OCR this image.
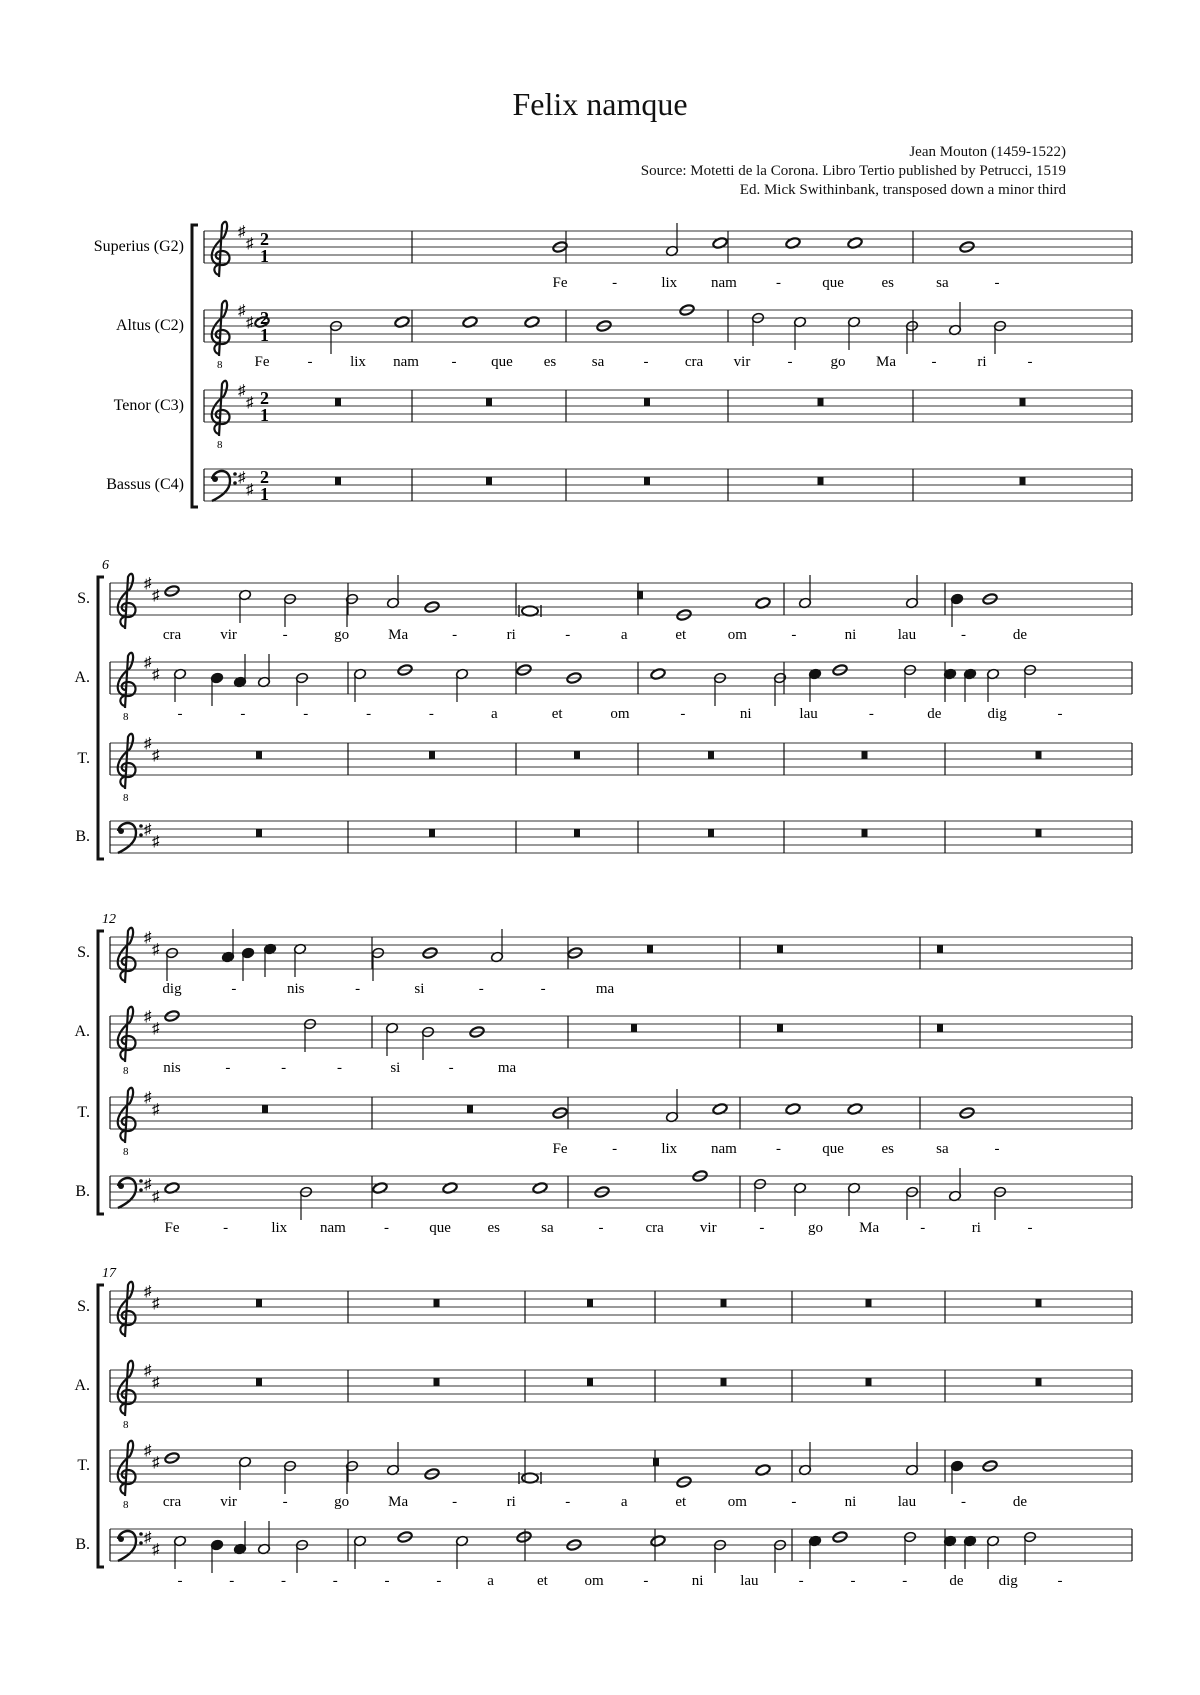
Felix namque
Jean Mouton (1459-1522)
Source: Motetti de la Corona. Libro Tertio published by Petrucci, 1519
Ed. Mick Swithinbank, transposed down a minor third
Superius (G2)
♯
♯ 2
1
Fe	-	lix nam	-	que	es	sa	-
Altus (C2)
8
♯
♯ 2
1
Fe	-	lix nam - que es sa	- cra vir -	go Ma -	ri	-
Tenor (C3)
8
♯
♯ 2
1
Bassus (C4)	♯
♯
2
1
6
S.
♯
♯
cra	vir	-	go	Ma	-	ri	-	a	et	om	-	ni	lau	-	de
A.
8
♯
♯
-	-	-	-	-	a	et	om	-	ni	lau	-	de	dig	-
T.
8
♯
♯
B.	♯
♯
12
S.
♯
♯
dig	-	nis	-	si	-	-	ma
A.
8
♯
♯
nis	-	-	-	si	-	ma
T.
8
♯
♯
Fe	-	lix nam	-	que	es	sa	-
B.	♯
♯
Fe	-	lix nam	-	que es	sa	-	cra vir	-	go Ma	-	ri	-
17
S.
♯
♯
A.
8
♯
♯
T.
8
♯
♯
cra	vir	-	go	Ma	-	ri	-	a	et	om	-	ni	lau	-	de
B.	♯
♯
-	-	-	-	-	-	a	et om	-	ni lau	-	-	-	de dig	-
